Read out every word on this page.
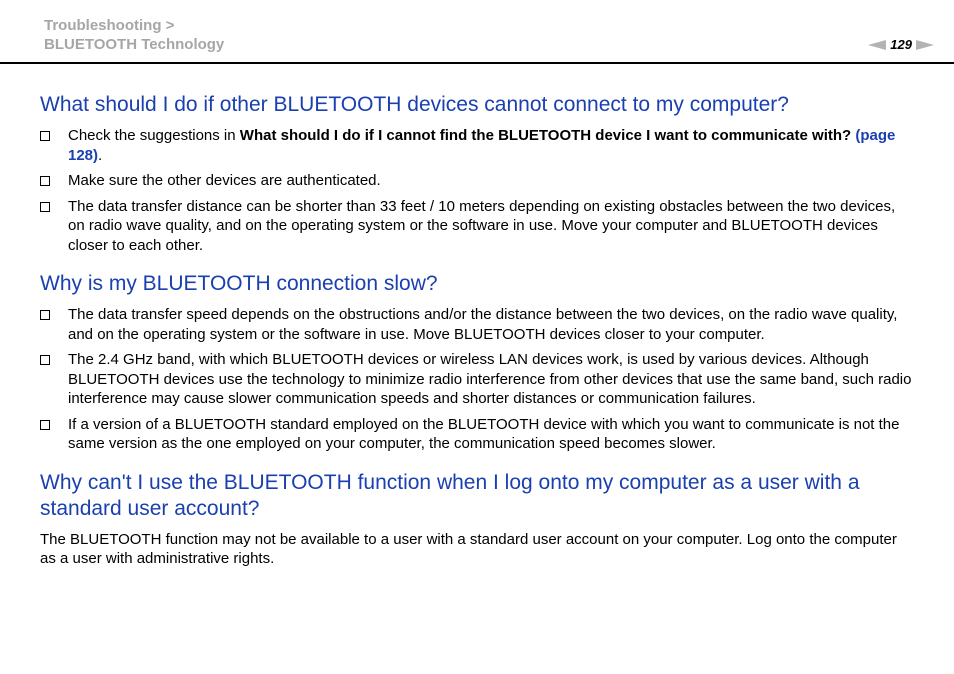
Troubleshooting >
BLUETOOTH Technology	129
What should I do if other BLUETOOTH devices cannot connect to my computer?
Check the suggestions in What should I do if I cannot find the BLUETOOTH device I want to communicate with? (page 128).
Make sure the other devices are authenticated.
The data transfer distance can be shorter than 33 feet / 10 meters depending on existing obstacles between the two devices, on radio wave quality, and on the operating system or the software in use. Move your computer and BLUETOOTH devices closer to each other.
Why is my BLUETOOTH connection slow?
The data transfer speed depends on the obstructions and/or the distance between the two devices, on the radio wave quality, and on the operating system or the software in use. Move BLUETOOTH devices closer to your computer.
The 2.4 GHz band, with which BLUETOOTH devices or wireless LAN devices work, is used by various devices. Although BLUETOOTH devices use the technology to minimize radio interference from other devices that use the same band, such radio interference may cause slower communication speeds and shorter distances or communication failures.
If a version of a BLUETOOTH standard employed on the BLUETOOTH device with which you want to communicate is not the same version as the one employed on your computer, the communication speed becomes slower.
Why can't I use the BLUETOOTH function when I log onto my computer as a user with a standard user account?

The BLUETOOTH function may not be available to a user with a standard user account on your computer. Log onto the computer as a user with administrative rights.
